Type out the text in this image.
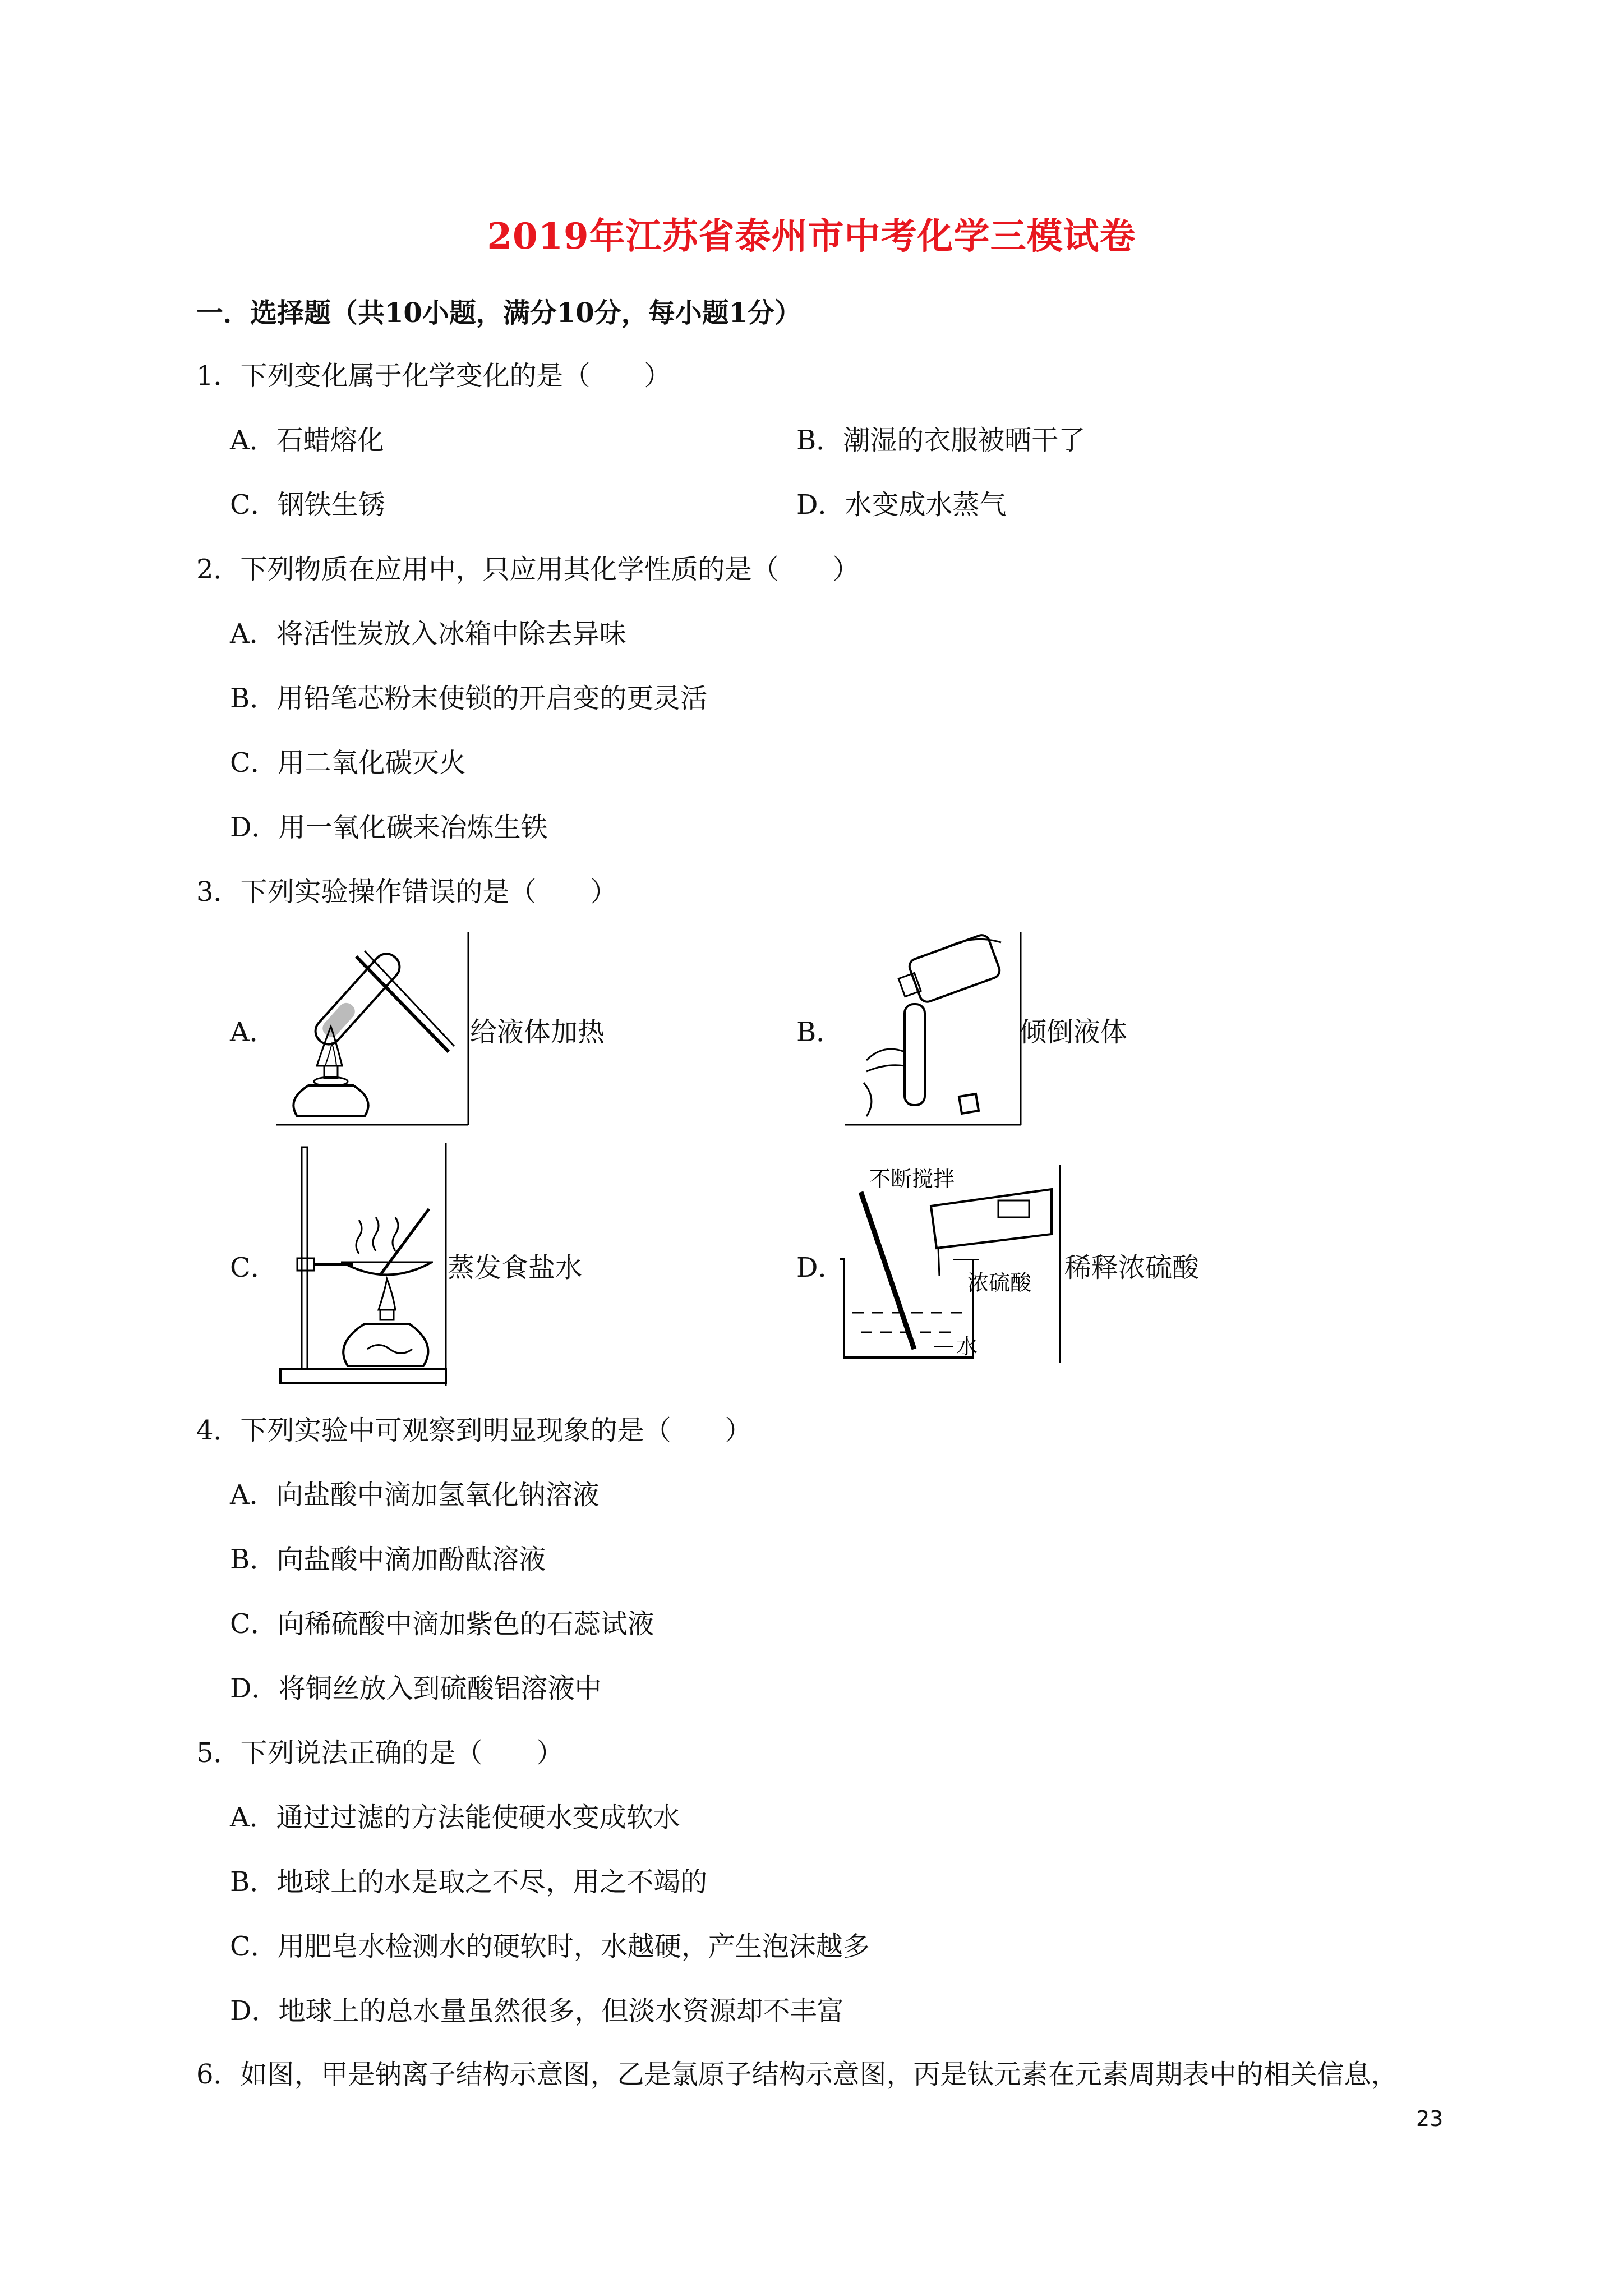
2019年江苏省泰州市中考化学三模试卷
一．选择题（共10小题，满分10分，每小题1分）
1．下列变化属于化学变化的是（　　）
A．石蜡熔化	B．潮湿的衣服被晒干了
C．钢铁生锈	D．水变成水蒸气
2．下列物质在应用中，只应用其化学性质的是（　　）
A．将活性炭放入冰箱中除去异味
B．用铅笔芯粉末使锁的开启变的更灵活
C．用二氧化碳灭火
D．用一氧化碳来冶炼生铁
3．下列实验操作错误的是（　　）
A．	给液体加热	B．	倾倒液体
C．	蒸发食盐水	D．
不断搅拌
浓硫酸
水
稀释浓硫酸
4．下列实验中可观察到明显现象的是（　　）
A．向盐酸中滴加氢氧化钠溶液
B．向盐酸中滴加酚酞溶液
C．向稀硫酸中滴加紫色的石蕊试液
D．将铜丝放入到硫酸铝溶液中
5．下列说法正确的是（　　）
A．通过过滤的方法能使硬水变成软水
B．地球上的水是取之不尽，用之不竭的
C．用肥皂水检测水的硬软时，水越硬，产生泡沫越多
D．地球上的总水量虽然很多，但淡水资源却不丰富
6．如图，甲是钠离子结构示意图，乙是氯原子结构示意图，丙是钛元素在元素周期表中的相关信息，
23
